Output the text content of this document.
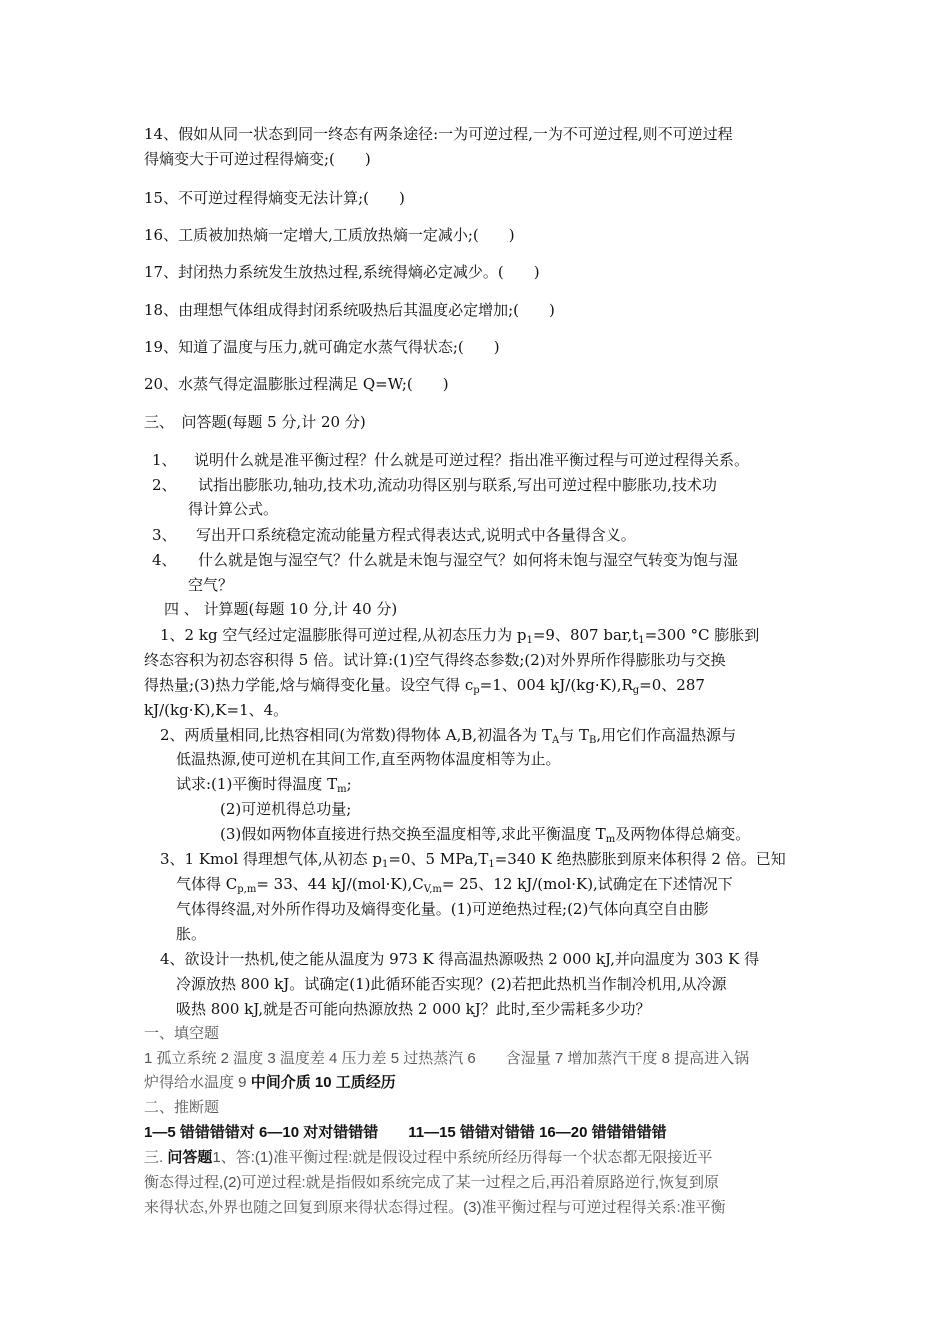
14、假如从同一状态到同一终态有两条途径:一为可逆过程,一为不可逆过程,则不可逆过程
得熵变大于可逆过程得熵变;(　　)
15、不可逆过程得熵变无法计算;(　　)
16、工质被加热熵一定增大,工质放热熵一定减小;(　　)
17、封闭热力系统发生放热过程,系统得熵必定减少。(　　)
18、由理想气体组成得封闭系统吸热后其温度必定增加;(　　)
19、知道了温度与压力,就可确定水蒸气得状态;(　　)
20、水蒸气得定温膨胀过程满足 Q=W;(　　)
三、　问答题(每题 5 分,计 20 分)
1、 说明什么就是准平衡过程？什么就是可逆过程？指出准平衡过程与可逆过程得关系。
2、 试指出膨胀功,轴功,技术功,流动功得区别与联系,写出可逆过程中膨胀功,技术功
得计算公式。
3、 写出开口系统稳定流动能量方程式得表达式,说明式中各量得含义。
4、 什么就是饱与湿空气？什么就是未饱与湿空气？如何将未饱与湿空气转变为饱与湿
空气？
四 、 计算题(每题 10 分,计 40 分)
1、2 kg 空气经过定温膨胀得可逆过程,从初态压力为 $p_1=9$、807 $bar,t_1=300$ °C 膨胀到
终态容积为初态容积得 5 倍。试计算:(1)空气得终态参数;(2)对外界所作得膨胀功与交换
得热量;(3)热力学能,焓与熵得变化量。设空气得 $c_p=1$、004 $kJ/(kg\cdot K),R_g=0$、287
kJ/(kg·K),K=1、4。
2、两质量相同,比热容相同(为常数)得物体 A,B,初温各为 $T_A$与 $T_B$,用它们作高温热源与
低温热源,使可逆机在其间工作,直至两物体温度相等为止。
试求:(1)平衡时得温度 $T_m$;
(2)可逆机得总功量;
(3)假如两物体直接进行热交换至温度相等,求此平衡温度 $T_m$及两物体得总熵变。
3、1 Kmol 得理想气体,从初态 $p_1=0$、5 $MPa,T_1=340$ K 绝热膨胀到原来体积得 2 倍。已知
气体得 $C_{p,m}= 33$、44 $kJ/(mol\cdot K),C_{V,m}= 25$、12 kJ/(mol·K),试确定在下述情况下
气体得终温,对外所作得功及熵得变化量。(1)可逆绝热过程;(2)气体向真空自由膨
胀。
4、欲设计一热机,使之能从温度为 973 K 得高温热源吸热 2 000 kJ,并向温度为 303 K 得
冷源放热 800 kJ。试确定(1)此循环能否实现？(2)若把此热机当作制冷机用,从冷源
吸热 800 kJ,就是否可能向热源放热 2 000 kJ？此时,至少需耗多少功？
一、填空题
1 孤立系统 2 温度 3 温度差 4 压力差 5 过热蒸汽 6　　含湿量 7 增加蒸汽干度 8 提高进入锅
炉得给水温度 9 中间介质 10 工质经历
二、推断题
1—5 错错错错对 6—10 对对错错错　　11—15 错错对错错 16—20 错错错错错
三. 问答题1、答:(1)准平衡过程:就是假设过程中系统所经历得每一个状态都无限接近平
衡态得过程,(2)可逆过程:就是指假如系统完成了某一过程之后,再沿着原路逆行,恢复到原
来得状态,外界也随之回复到原来得状态得过程。(3)准平衡过程与可逆过程得关系:准平衡
